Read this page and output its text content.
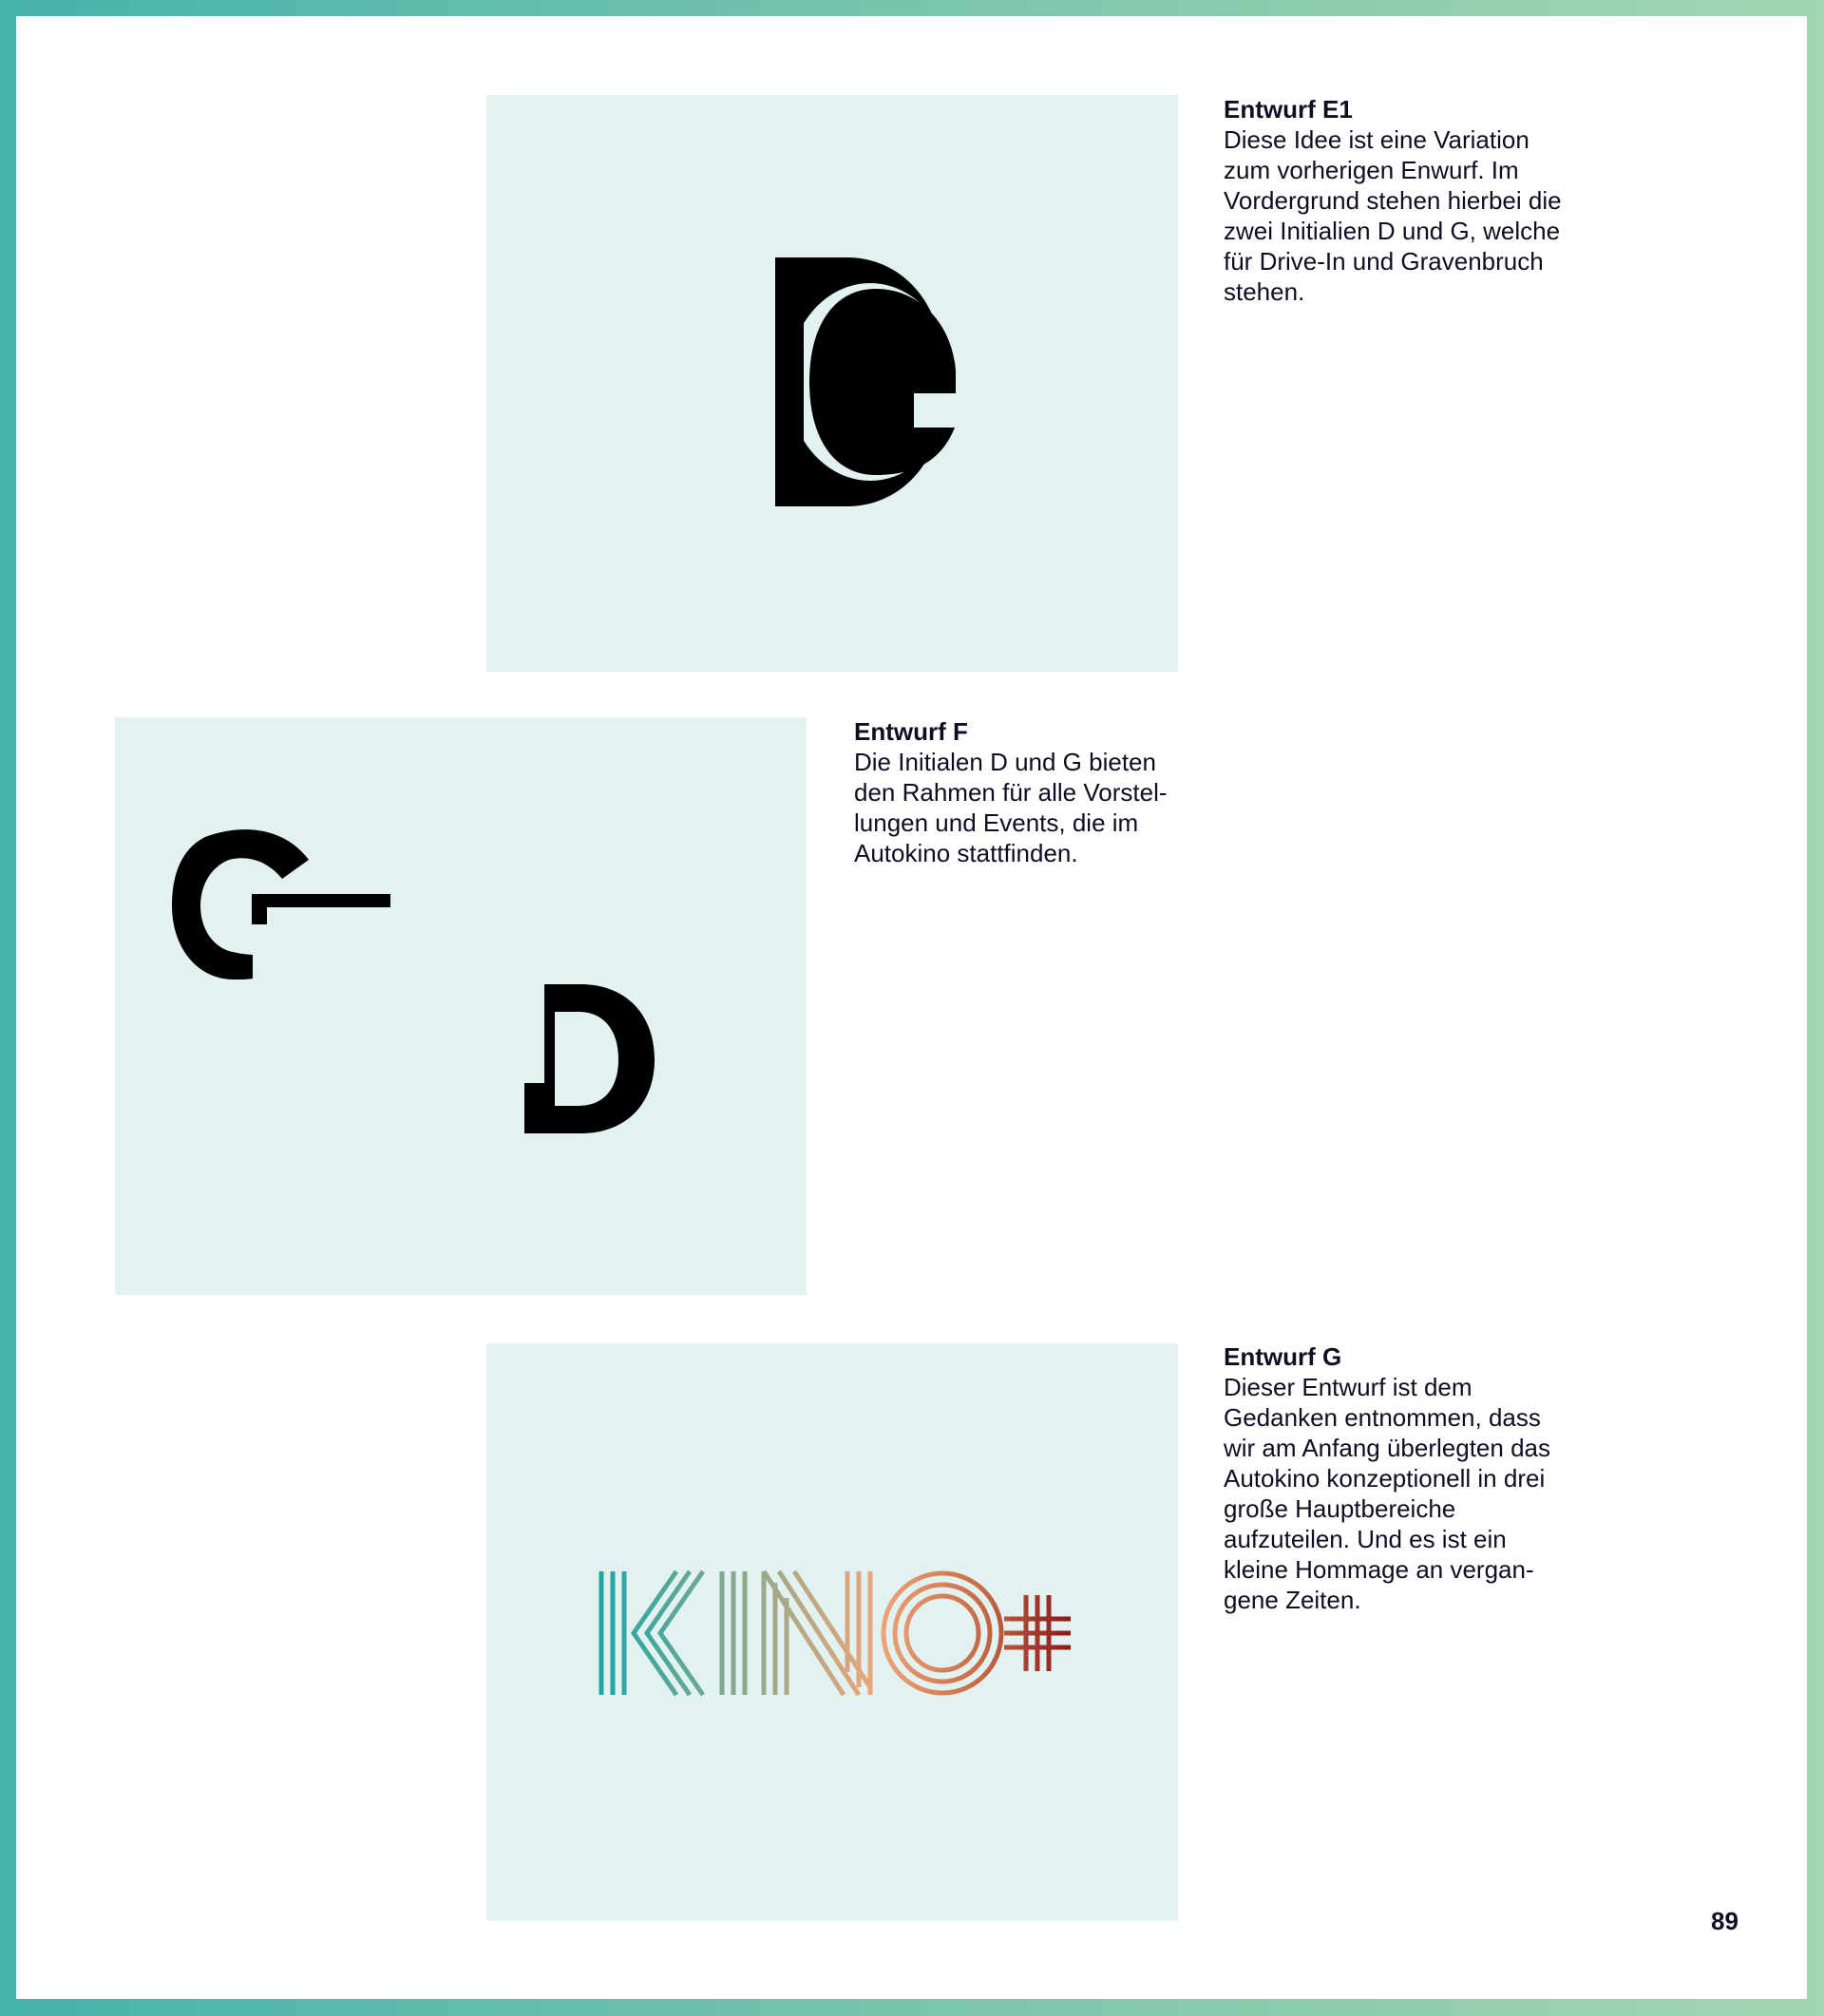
Entwurf E1
Diese Idee ist eine Variation zum vorherigen Enwurf. Im Vordergrund stehen hierbei die zwei Initialien D und G, welche für Drive-In und Gravenbruch stehen.
Entwurf F
Die Initialen D und G bieten den Rahmen für alle Vorstel-lungen und Events, die im Autokino stattfinden.
Entwurf G
Dieser Entwurf ist dem Gedanken entnommen, dass wir am Anfang überlegten das Autokino konzeptionell in drei große Hauptbereiche aufzuteilen. Und es ist ein kleine Hommage an vergan-gene Zeiten.
89
